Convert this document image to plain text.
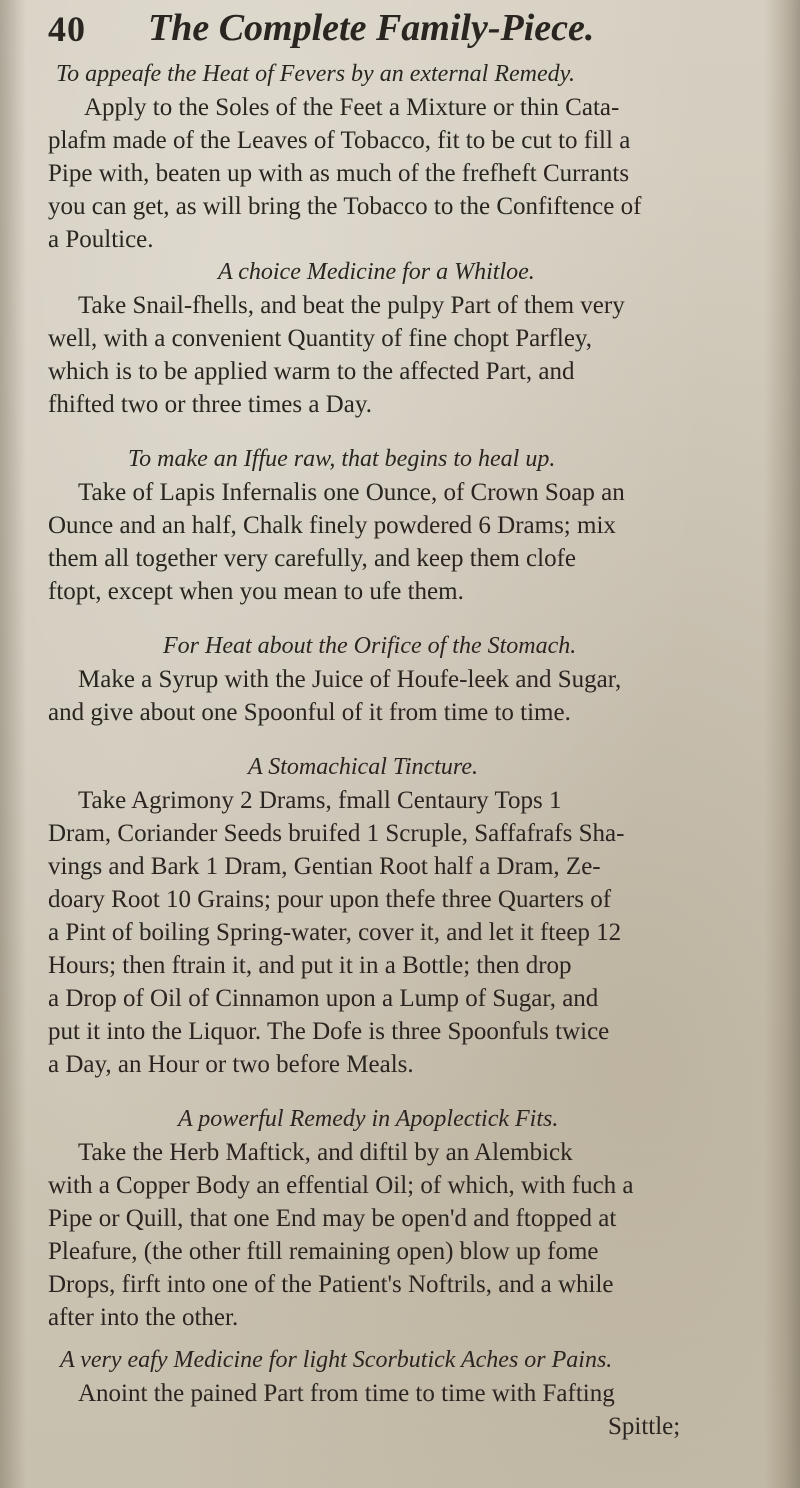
40 The Complete Family-Piece.
To appeafe the Heat of Fevers by an external Remedy.
Apply to the Soles of the Feet a Mixture or thin Cata-
plafm made of the Leaves of Tobacco, fit to be cut to fill a
Pipe with, beaten up with as much of the frefheft Currants
you can get, as will bring the Tobacco to the Confiftence of
a Poultice.
A choice Medicine for a Whitloe.
Take Snail-fhells, and beat the pulpy Part of them very
well, with a convenient Quantity of fine chopt Parfley,
which is to be applied warm to the affected Part, and
fhifted two or three times a Day.
To make an Iffue raw, that begins to heal up.
Take of Lapis Infernalis one Ounce, of Crown Soap an
Ounce and an half, Chalk finely powdered 6 Drams; mix
them all together very carefully, and keep them clofe
ftopt, except when you mean to ufe them.
For Heat about the Orifice of the Stomach.
Make a Syrup with the Juice of Houfe-leek and Sugar,
and give about one Spoonful of it from time to time.
A Stomachical Tincture.
Take Agrimony 2 Drams, fmall Centaury Tops 1
Dram, Coriander Seeds bruifed 1 Scruple, Saffafrafs Sha-
vings and Bark 1 Dram, Gentian Root half a Dram, Ze-
doary Root 10 Grains; pour upon thefe three Quarters of
a Pint of boiling Spring-water, cover it, and let it fteep 12
Hours; then ftrain it, and put it in a Bottle; then drop
a Drop of Oil of Cinnamon upon a Lump of Sugar, and
put it into the Liquor. The Dofe is three Spoonfuls twice
a Day, an Hour or two before Meals.
A powerful Remedy in Apoplectick Fits.
Take the Herb Maftick, and diftil by an Alembick
with a Copper Body an effential Oil; of which, with fuch a
Pipe or Quill, that one End may be open'd and ftopped at
Pleafure, (the other ftill remaining open) blow up fome
Drops, firft into one of the Patient's Noftrils, and a while
after into the other.
A very eafy Medicine for light Scorbutick Aches or Pains.
Anoint the pained Part from time to time with Fafting
Spittle;
